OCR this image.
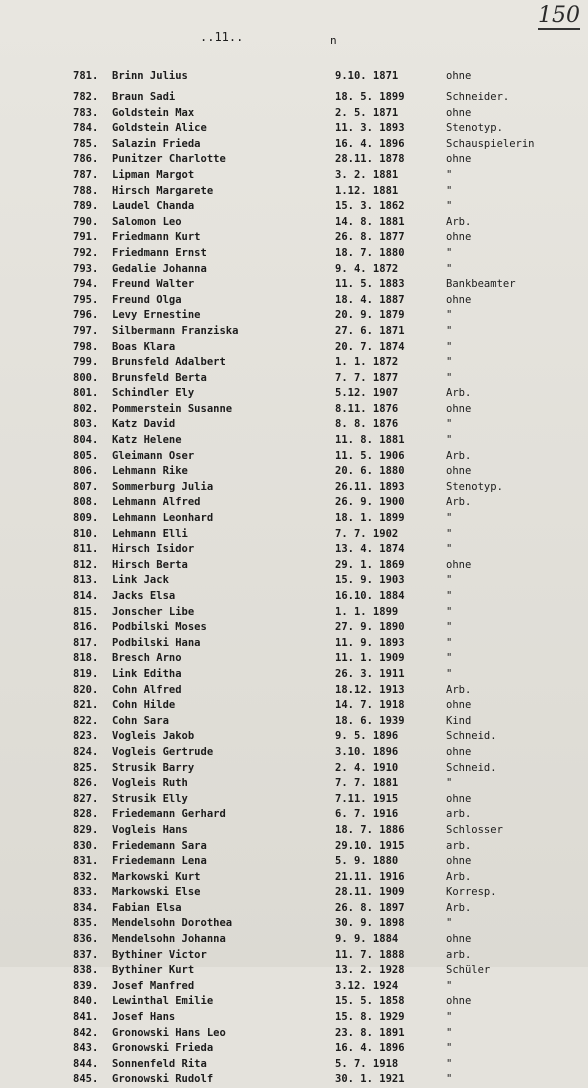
150
..11..	n
781. Brinn Julius	9.10. 1871	ohne
782. Braun Sadi	18. 5. 1899	Schneider.
783. Goldstein Max	2. 5. 1871	ohne
784. Goldstein Alice	11. 3. 1893	Stenotyp.
785. Salazin Frieda	16. 4. 1896	Schauspielerin
786. Punitzer Charlotte	28.11. 1878	ohne
787. Lipman Margot	3. 2. 1881	"
788. Hirsch Margarete	1.12. 1881	"
789. Laudel Chanda	15. 3. 1862	"
790. Salomon Leo	14. 8. 1881	Arb.
791. Friedmann Kurt	26. 8. 1877	ohne
792. Friedmann Ernst	18. 7. 1880	"
793. Gedalie Johanna	9. 4. 1872	"
794. Freund Walter	11. 5. 1883	Bankbeamter
795. Freund Olga	18. 4. 1887	ohne
796. Levy Ernestine	20. 9. 1879	"
797. Silbermann Franziska	27. 6. 1871	"
798. Boas Klara	20. 7. 1874	"
799. Brunsfeld Adalbert	1. 1. 1872	"
800. Brunsfeld Berta	7. 7. 1877	"
801. Schindler Ely	5.12. 1907	Arb.
802. Pommerstein Susanne	8.11. 1876	ohne
803. Katz David	8. 8. 1876	"
804. Katz Helene	11. 8. 1881	"
805. Gleimann Oser	11. 5. 1906	Arb.
806. Lehmann Rike	20. 6. 1880	ohne
807. Sommerburg Julia	26.11. 1893	Stenotyp.
808. Lehmann Alfred	26. 9. 1900	Arb.
809. Lehmann Leonhard	18. 1. 1899	"
810. Lehmann Elli	7. 7. 1902	"
811. Hirsch Isidor	13. 4. 1874	"
812. Hirsch Berta	29. 1. 1869	ohne
813. Link Jack	15. 9. 1903	"
814. Jacks Elsa	16.10. 1884	"
815. Jonscher Libe	1. 1. 1899	"
816. Podbilski Moses	27. 9. 1890	"
817. Podbilski Hana	11. 9. 1893	"
818. Bresch Arno	11. 1. 1909	"
819. Link Editha	26. 3. 1911	"
820. Cohn Alfred	18.12. 1913	Arb.
821. Cohn Hilde	14. 7. 1918	ohne
822. Cohn Sara	18. 6. 1939	Kind
823. Vogleis Jakob	9. 5. 1896	Schneid.
824. Vogleis Gertrude	3.10. 1896	ohne
825. Strusik Barry	2. 4. 1910	Schneid.
826. Vogleis Ruth	7. 7. 1881	"
827. Strusik Elly	7.11. 1915	ohne
828. Friedemann Gerhard	6. 7. 1916	arb.
829. Vogleis Hans	18. 7. 1886	Schlosser
830. Friedemann Sara	29.10. 1915	arb.
831. Friedemann Lena	5. 9. 1880	ohne
832. Markowski Kurt	21.11. 1916	Arb.
833. Markowski Else	28.11. 1909	Korresp.
834. Fabian Elsa	26. 8. 1897	Arb.
835. Mendelsohn Dorothea	30. 9. 1898	"
836. Mendelsohn Johanna	9. 9. 1884	ohne
837. Bythiner Victor	11. 7. 1888	arb.
838. Bythiner Kurt	13. 2. 1928	Schüler
839. Josef Manfred	3.12. 1924	"
840. Lewinthal Emilie	15. 5. 1858	ohne
841. Josef Hans	15. 8. 1929	"
842. Gronowski Hans Leo	23. 8. 1891	"
843. Gronowski Frieda	16. 4. 1896	"
844. Sonnenfeld Rita	5. 7. 1918	"
845. Gronowski Rudolf	30. 1. 1921	"
